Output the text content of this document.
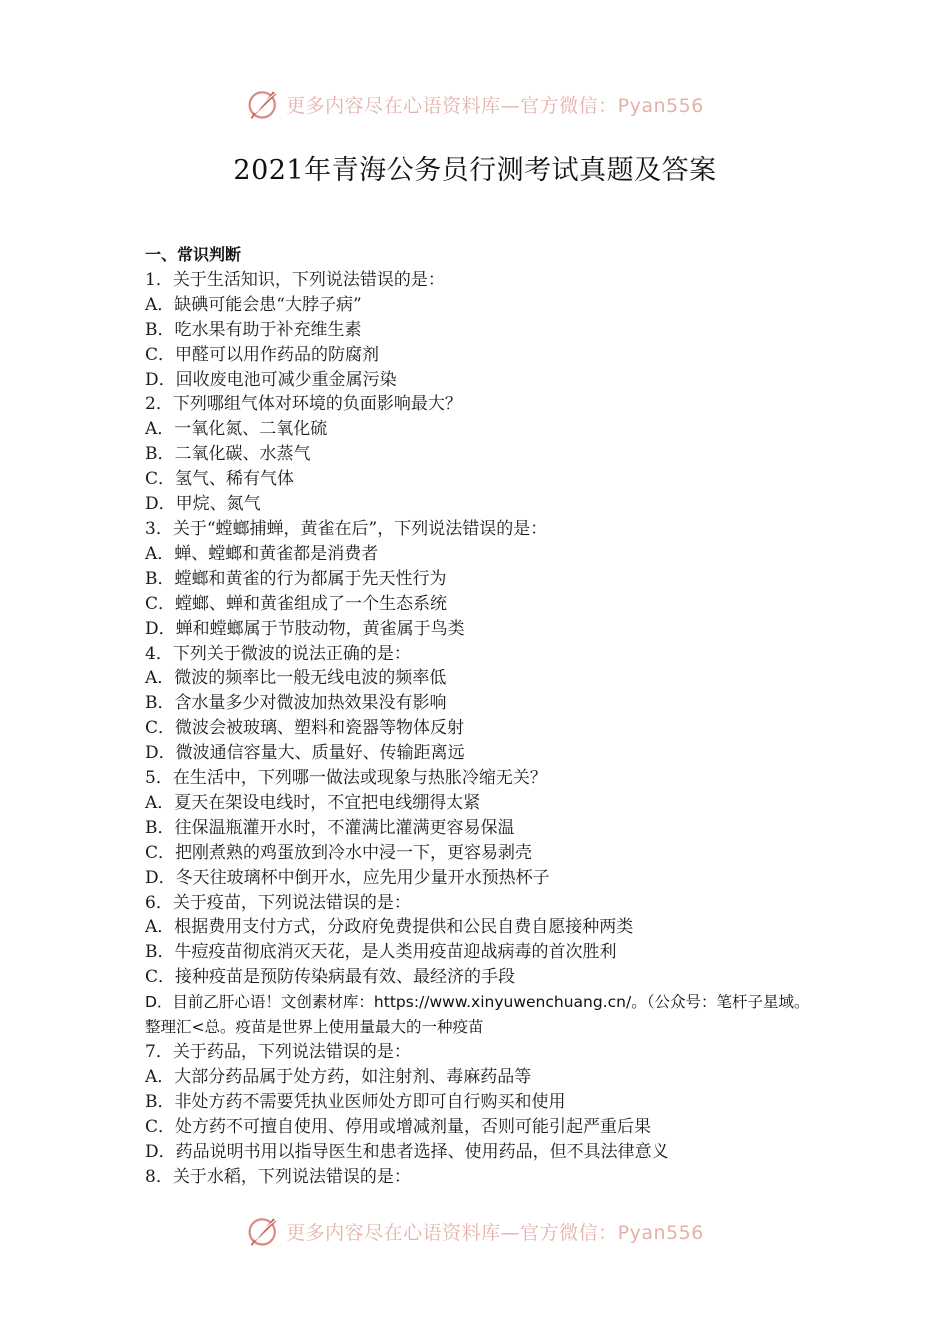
更多内容尽在心语资料库—官方微信：Pyan556
2021年青海公务员行测考试真题及答案
一、常识判断
1．关于生活知识，下列说法错误的是：
A．缺碘可能会患“大脖子病”
B．吃水果有助于补充维生素
C．甲醛可以用作药品的防腐剂
D．回收废电池可减少重金属污染
2．下列哪组气体对环境的负面影响最大？
A．一氧化氮、二氧化硫
B．二氧化碳、水蒸气
C．氢气、稀有气体
D．甲烷、氮气
3．关于“螳螂捕蝉，黄雀在后”，下列说法错误的是：
A．蝉、螳螂和黄雀都是消费者
B．螳螂和黄雀的行为都属于先天性行为
C．螳螂、蝉和黄雀组成了一个生态系统
D．蝉和螳螂属于节肢动物，黄雀属于鸟类
4．下列关于微波的说法正确的是：
A．微波的频率比一般无线电波的频率低
B．含水量多少对微波加热效果没有影响
C．微波会被玻璃、塑料和瓷器等物体反射
D．微波通信容量大、质量好、传输距离远
5．在生活中，下列哪一做法或现象与热胀冷缩无关？
A．夏天在架设电线时，不宜把电线绷得太紧
B．往保温瓶灌开水时，不灌满比灌满更容易保温
C．把刚煮熟的鸡蛋放到冷水中浸一下，更容易剥壳
D．冬天往玻璃杯中倒开水，应先用少量开水预热杯子
6．关于疫苗，下列说法错误的是：
A．根据费用支付方式，分政府免费提供和公民自费自愿接种两类
B．牛痘疫苗彻底消灭天花，是人类用疫苗迎战病毒的首次胜利
C．接种疫苗是预防传染病最有效、最经济的手段
D．目前乙肝心语！文创素材库：https://www.xinyuwenchuang.cn/。（公众号：笔杆子星域。整理汇<总。疫苗是世界上使用量最大的一种疫苗
7．关于药品，下列说法错误的是：
A．大部分药品属于处方药，如注射剂、毒麻药品等
B．非处方药不需要凭执业医师处方即可自行购买和使用
C．处方药不可擅自使用、停用或增减剂量，否则可能引起严重后果
D．药品说明书用以指导医生和患者选择、使用药品，但不具法律意义
8．关于水稻，下列说法错误的是：
更多内容尽在心语资料库—官方微信：Pyan556
